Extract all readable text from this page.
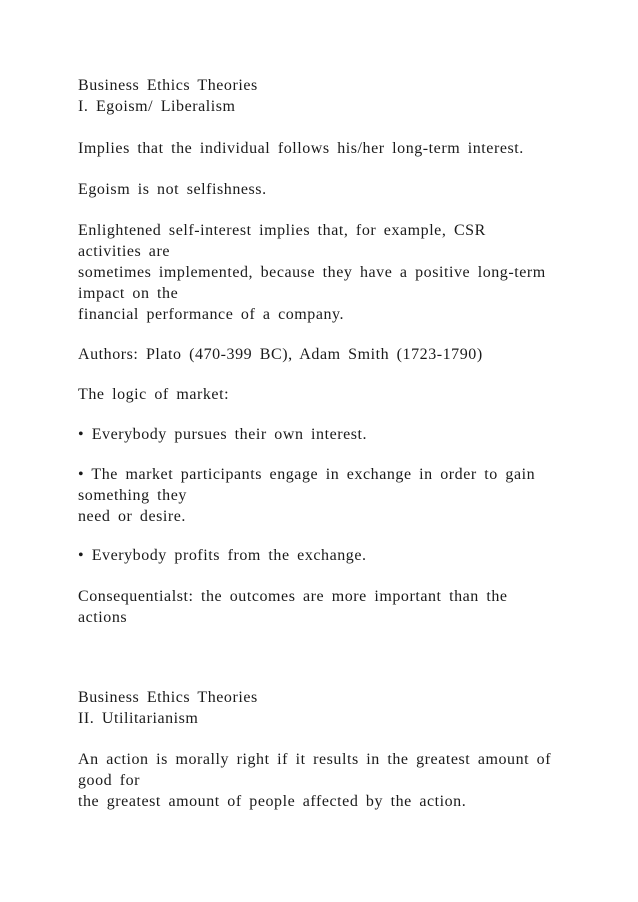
Business Ethics Theories

I. Egoism/ Liberalism

Implies that the individual follows his/her long-term interest.

Egoism is not selfishness.

Enlightened self-interest implies that, for example, CSR

activities are

sometimes implemented, because they have a positive long-term

impact on the

financial performance of a company.

Authors: Plato (470-399 BC), Adam Smith (1723-1790)

The logic of market:

• Everybody pursues their own interest.

• The market participants engage in exchange in order to gain

something they

need or desire.

• Everybody profits from the exchange.

Consequentialst: the outcomes are more important than the

actions

Business Ethics Theories

II. Utilitarianism

An action is morally right if it results in the greatest amount of

good for

the greatest amount of people affected by the action.
